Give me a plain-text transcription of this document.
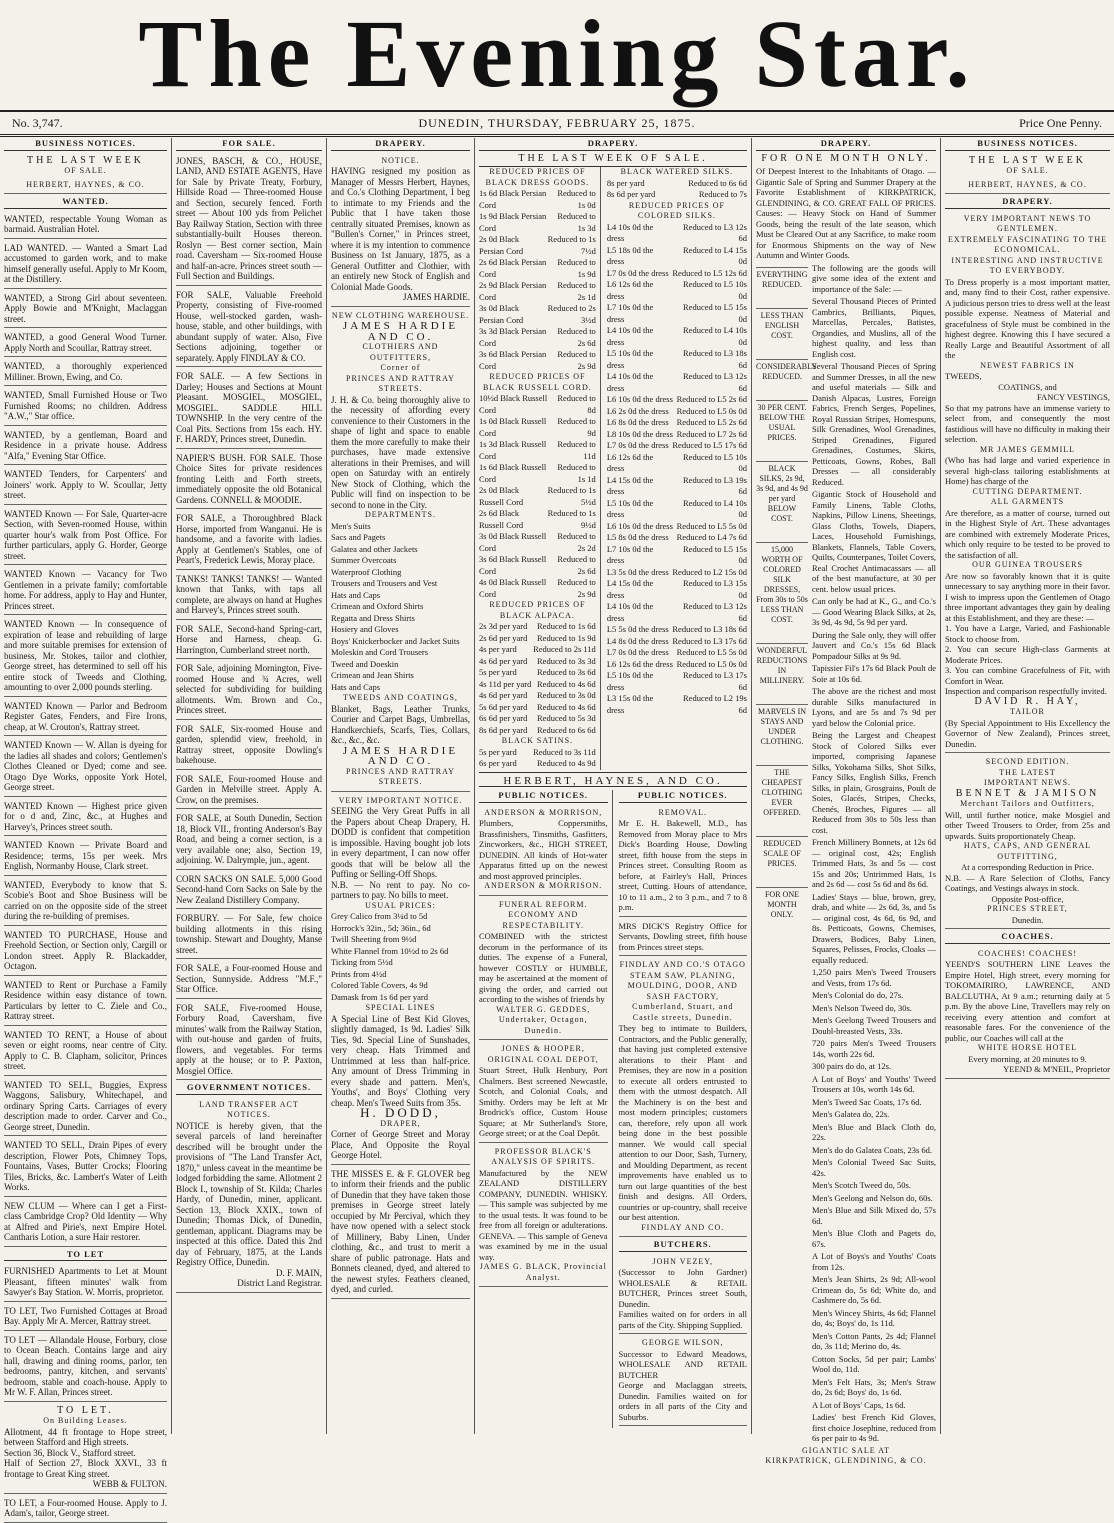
The Evening Star.
No. 3,747.	DUNEDIN, THURSDAY, FEBRUARY 25, 1875.	Price One Penny.
BUSINESS NOTICES.
THE LAST WEEK
OF SALE.
HERBERT, HAYNES, & CO.
WANTED.

WANTED, respectable Young Woman as barmaid. Australian Hotel.

LAD WANTED. — Wanted a Smart Lad accustomed to garden work, and to make himself generally useful. Apply to Mr Koom, at the Distillery.

WANTED, a Strong Girl about seventeen. Apply Bowie and M'Knight, Maclaggan street.

WANTED, a good General Wood Turner. Apply North and Scoullar, Rattray street.

WANTED, a thoroughly experienced Milliner. Brown, Ewing, and Co.

WANTED, Small Furnished House or Two Furnished Rooms; no children. Address "A.W.," Star office.

WANTED, by a gentleman, Board and Residence in a private house. Address "Alfa," Evening Star Office.

WANTED Tenders, for Carpenters' and Joiners' work. Apply to W. Scoullar, Jetty street.

WANTED Known — For Sale, Quarter-acre Section, with Seven-roomed House, within quarter hour's walk from Post Office. For further particulars, apply G. Horder, George street.

WANTED Known — Vacancy for Two Gentlemen in a private family; comfortable home. For address, apply to Hay and Hunter, Princes street.

WANTED Known — In consequence of expiration of lease and rebuilding of large and more suitable premises for extension of business, Mr. Stokes, tailor and clothier, George street, has determined to sell off his entire stock of Tweeds and Clothing, amounting to over 2,000 pounds sterling.

WANTED Known — Parlor and Bedroom Register Gates, Fenders, and Fire Irons, cheap, at W. Crouton's, Rattray street.

WANTED Known — W. Allan is dyeing for the ladies all shades and colors; Gentlemen's Clothes Cleaned or Dyed; come and see. Otago Dye Works, opposite York Hotel, George street.

WANTED Known — Highest price given for o d and, Zinc, &c., at Hughes and Harvey's, Princes street south.

WANTED Known — Private Board and Residence; terms, 15s per week. Mrs English, Normanby House, Clark street.

WANTED, Everybody to know that S. Scobie's Boot and Shoe Business will be carried on on the opposite side of the street during the re-building of premises.

WANTED TO PURCHASE, House and Freehold Section, or Section only, Cargill or London street. Apply R. Blackadder, Octagon.

WANTED to Rent or Purchase a Family Residence within easy distance of town. Particulars by letter to C. Ziele and Co., Rattray street.

WANTED TO RENT, a House of about seven or eight rooms, near centre of City. Apply to C. B. Clapham, solicitor, Princes street.

WANTED TO SELL, Buggies, Express Waggons, Salisbury, Whitechapel, and ordinary Spring Carts. Carriages of every description made to order. Carver and Co., George street, Dunedin.

WANTED TO SELL, Drain Pipes of every description, Flower Pots, Chimney Tops, Fountains, Vases, Butter Crocks; Flooring Tiles, Bricks, &c. Lambert's Water of Leith Works.

NEW CLUM — Where can I get a First-class Cambridge Crop? Old Identity — Why at Alfred and Pirie's, next Empire Hotel. Cantharis Lotion, a sure Hair restorer.

TO LET

FURNISHED Apartments to Let at Mount Pleasant, fifteen minutes' walk from Sawyer's Bay Station. W. Morris, proprietor.

TO LET, Two Furnished Cottages at Broad Bay. Apply Mr A. Mercer, Rattray street.

TO LET — Allandale House, Forbury, close to Ocean Beach. Contains large and airy hall, drawing and dining rooms, parlor, ten bedrooms, pantry, kitchen, and servants' bedroom, stable and coach-house. Apply to Mr W. F. Allan, Princes street.

TO LET.
On Building Leases.

Allotment, 44 ft frontage to Hope street, between Stafford and High streets.

Section 36, Block V., Stafford street.

Half of Section 27, Block XXVI., 33 ft frontage to Great King street.

WEBB & FULTON.

TO LET, a Four-roomed House. Apply to J. Adam's, tailor, George street.

FOR SALE.

JONES, BASCH, & CO., HOUSE, LAND, AND ESTATE AGENTS, Have for Sale by Private Treaty, Forbury, Hillside Road — Three-roomed House and Section, securely fenced. Forth street — About 100 yds from Pelichet Bay Railway Station, Section with three substantially-built Houses thereon. Roslyn — Best corner section, Main road. Caversham — Six-roomed House and half-an-acre. Princes street south — Full Section and Buildings.

FOR SALE, Valuable Freehold Property, consisting of Five-roomed House, well-stocked garden, wash-house, stable, and other buildings, with abundant supply of water. Also, Five Sections adjoining, together or separately. Apply FINDLAY & CO.

FOR SALE. — A few Sections in Darley; Houses and Sections at Mount Pleasant. MOSGIEL, MOSGIEL, MOSGIEL. SADDLE HILL TOWNSHIP. In the very centre of the Coal Pits. Sections from 15s each. HY. F. HARDY, Princes street, Dunedin.

NAPIER'S BUSH. FOR SALE. Those Choice Sites for private residences fronting Leith and Forth streets, immediately opposite the old Botanical Gardens. CONNELL & MOODIE.

FOR SALE, a Thoroughbred Black Horse, imported from Wanganui. He is handsome, and a favorite with ladies. Apply at Gentlemen's Stables, one of Peart's, Frederick Lewis, Moray place.

TANKS! TANKS! TANKS! — Wanted known that Tanks, with taps all complete, are always on hand at Hughes and Harvey's, Princes street south.

FOR SALE, Second-hand Spring-cart, Horse and Harness, cheap. G. Harrington, Cumberland street north.

FOR Sale, adjoining Mornington, Five-roomed House and ¾ Acres, well selected for subdividing for building allotments. Wm. Brown and Co., Princes street.

FOR SALE, Six-roomed House and garden, splendid view, freehold, in Rattray street, opposite Dowling's bakehouse.

FOR SALE, Four-roomed House and Garden in Melville street. Apply A. Crow, on the premises.

FOR SALE, at South Dunedin, Section 18, Block VII., fronting Anderson's Bay Road, and being a corner section, is a very available one; also, Section 19, adjoining. W. Dalrymple, jun., agent.

CORN SACKS ON SALE. 5,000 Good Second-hand Corn Sacks on Sale by the New Zealand Distillery Company.

FORBURY. — For Sale, few choice building allotments in this rising township. Stewart and Doughty, Manse street.

FOR SALE, a Four-roomed House and Section, Sunnyside. Address "M.F.," Star Office.

FOR SALE, Five-roomed House, Forbury Road, Caversham, five minutes' walk from the Railway Station, with out-house and garden of fruits, flowers, and vegetables. For terms apply at the house; or to P. Paxton, Mosgiel Office.

GOVERNMENT NOTICES.
LAND TRANSFER ACT NOTICES.

NOTICE is hereby given, that the several parcels of land hereinafter described will be brought under the provisions of "The Land Transfer Act, 1870," unless caveat in the meantime be lodged forbidding the same. Allotment 2 Block I., township of St. Kilda; Charles Hardy, of Dunedin, miner, applicant. Section 13, Block XXIX., town of Dunedin; Thomas Dick, of Dunedin, gentleman, applicant. Diagrams may be inspected at this office. Dated this 2nd day of February, 1875, at the Lands Registry Office, Dunedin.

D. F. MAIN,
District Land Registrar.
DRAPERY.
NOTICE.

HAVING resigned my position as Manager of Messrs Herbert, Haynes, and Co.'s Clothing Department, I beg to intimate to my Friends and the Public that I have taken those centrally situated Premises, known as "Bullen's Corner," in Princes street, where it is my intention to commence Business on 1st January, 1875, as a General Outfitter and Clothier, with an entirely new Stock of English and Colonial Made Goods.

JAMES HARDIE.
NEW CLOTHING WAREHOUSE.
JAMES HARDIE AND CO.
CLOTHIERS AND OUTFITTERS,
Corner of
PRINCES AND RATTRAY STREETS.

J. H. & Co. being thoroughly alive to the necessity of affording every convenience to their Customers in the shape of light and space to enable them the more carefully to make their purchases, have made extensive alterations in their Premises, and will open on Saturday with an entirely New Stock of Clothing, which the Public will find on inspection to be second to none in the City.

DEPARTMENTS.
Men's Suits
Sacs and Pagets
Galatea and other Jackets
Summer Overcoats
Waterproof Clothing
Trousers and Trousers and Vest
Hats and Caps
Crimean and Oxford Shirts
Regatta and Dress Shirts
Hosiery and Gloves
Boys' Knickerbocker and Jacket Suits
Moleskin and Cord Trousers
Tweed and Doeskin
Crimean and Jean Shirts
Hats and Caps
TWEEDS AND COATINGS,

Blanket, Bags, Leather Trunks, Courier and Carpet Bags, Umbrellas, Handkerchiefs, Scarfs, Ties, Collars, &c., &c., &c.

JAMES HARDIE AND CO.
PRINCES AND RATTRAY STREETS.
VERY IMPORTANT NOTICE.

SEEING the Very Great Puffs in all the Papers about Cheap Drapery, H. DODD is confident that competition is impossible. Having bought job lots in every department, I can now offer goods that will be below all the Puffing or Selling-Off Shops.

N.B. — No rent to pay. No co-partners to pay. No bills to meet.

USUAL PRICES:
Grey Calico from 3¼d to 5d
Horrock's 32in., 5d; 36in., 6d
Twill Sheeting from 9½d
White Flannel from 10½d to 2s 6d
Ticking from 5½d
Prints from 4½d
Colored Table Covers, 4s 9d
Damask from 1s 6d per yard
SPECIAL LINES

A Special Line of Best Kid Gloves, slightly damaged, 1s 9d. Ladies' Silk Ties, 9d. Special Line of Sunshades, very cheap. Hats Trimmed and Untrimmed at less than half-price. Any amount of Dress Trimming in every shade and pattern. Men's, Youths', and Boys' Clothing very cheap. Men's Tweed Suits from 35s.

H. DODD,
DRAPER,

Corner of George Street and Moray Place, And Opposite the Royal George Hotel.

THE MISSES E. & F. GLOVER beg to inform their friends and the public of Dunedin that they have taken those premises in George street lately occupied by Mr Percival, which they have now opened with a select stock of Millinery, Baby Linen, Under clothing, &c., and trust to merit a share of public patronage. Hats and Bonnets cleaned, dyed, and altered to the newest styles. Feathers cleaned, dyed, and curled.

DRAPERY.
THE LAST WEEK OF SALE.
REDUCED PRICES OF BLACK DRESS GOODS.
1s 6d Black Persian Cord
Reduced to 1s 0d
1s 9d Black Persian Cord
Reduced to 1s 3d
2s 0d Black Persian Cord
Reduced to 1s 7½d
2s 6d Black Persian Cord
Reduced to 1s 9d
2s 9d Black Persian Cord
Reduced to 2s 1d
3s 0d Black Persian Cord
Reduced to 2s 3½d
3s 3d Black Persian Cord
Reduced to 2s 6d
3s 6d Black Persian Cord
Reduced to 2s 9d
REDUCED PRICES OF BLACK RUSSELL CORD.
10½d Black Russell Cord
Reduced to 8d
1s 0d Black Russell Cord
Reduced to 9d
1s 3d Black Russell Cord
Reduced to 11d
1s 6d Black Russell Cord
Reduced to 1s 1d
2s 0d Black Russell Cord
Reduced to 1s 5½d
2s 6d Black Russell Cord
Reduced to 1s 9½d
3s 0d Black Russell Cord
Reduced to 2s 2d
3s 6d Black Russell Cord
Reduced to 2s 6d
4s 0d Black Russell Cord
Reduced to 2s 9d
REDUCED PRICES OF BLACK ALPACA.
2s 3d per yard Reduced to 1s 6d
2s 6d per yard Reduced to 1s 9d
4s per yard Reduced to 2s 11d
4s 6d per yard Reduced to 3s 3d
5s per yard Reduced to 3s 6d
4s 11d per yard Reduced to 4s 6d
4s 6d per yard Reduced to 3s 0d
5s 6d per yard Reduced to 4s 6d
6s 6d per yard Reduced to 5s 3d
8s 6d per yard Reduced to 6s 6d
BLACK SATINS.
5s per yard Reduced to 3s 11d
6s per yard Reduced to 4s 9d
BLACK WATERED SILKS.
8s per yard	Reduced to 6s 6d
8s 6d per yard	Reduced to 7s
REDUCED PRICES OF COLORED SILKS.
L4 10s 0d the dress
Reduced to L3 12s 6d
L5 18s 0d the dress
Reduced to L4 15s 0d
L7 0s 0d the dress Reduced to L5 12s 6d
L6 12s 6d the dress
Reduced to L5 10s 0d
L7 10s 0d the dress
Reduced to L5 15s 0d
L4 10s 0d the dress
Reduced to L4 10s 0d
L5 10s 0d the dress
Reduced to L3 18s 6d
L4 10s 0d the dress
Reduced to L3 12s 6d
L6 10s 0d the dress Reduced to L5 2s 6d
L6 2s 0d the dress Reduced to L5 0s 0d
L6 8s 0d the dress Reduced to L5 2s 6d
L8 10s 0d the dress Reduced to L7 2s 6d
L7 0s 0d the dress Reduced to L5 17s 6d
L6 12s 6d the dress
Reduced to L5 10s 0d
L4 15s 0d the dress
Reduced to L3 19s 6d
L5 10s 0d the dress
Reduced to L4 10s 0d
L6 10s 0d the dress Reduced to L5 5s 0d
L5 8s 0d the dress Reduced to L4 7s 6d
L7 10s 0d the dress
Reduced to L5 15s 0d
L3 5s 0d the dress Reduced to L2 15s 0d
L4 15s 0d the dress
Reduced to L3 15s 0d
L4 10s 0d the dress
Reduced to L3 12s 6d
L5 5s 0d the dress Reduced to L3 18s 6d
L4 8s 0d the dress Reduced to L3 17s 6d
L7 0s 0d the dress Reduced to L5 5s 0d
L6 12s 6d the dress Reduced to L5 0s 0d
L5 10s 0d the dress
Reduced to L3 17s 6d
L3 15s 0d the dress
Reduced to L2 19s 6d
HERBERT, HAYNES, AND CO.
PUBLIC NOTICES.
ANDERSON & MORRISON,

Plumbers, Coppersmiths, Brassfinishers, Tinsmiths, Gasfitters, Zincworkers, &c., HIGH STREET, DUNEDIN. All kinds of Hot-water Apparatus fitted up on the newest and most approved principles.

ANDERSON & MORRISON.
FUNERAL REFORM.
ECONOMY AND RESPECTABILITY.

COMBINED with the strictest decorum in the performance of its duties. The expense of a Funeral, however COSTLY or HUMBLE, may be ascertained at the moment of giving the order, and carried out according to the wishes of friends by

WALTER G. GEDDES, Undertaker, Octagon, Dunedin.
JONES & HOOPER,
ORIGINAL COAL DEPOT,

Stuart Street, Hulk Henbury, Port Chalmers. Best screened Newcastle, Scotch, and Colonial Coals, and Smithy. Orders may be left at Mr Brodrick's office, Custom House Square; at Mr Sutherland's Store, George street; or at the Coal Depôt.

PROFESSOR BLACK'S ANALYSIS OF SPIRITS.

Manufactured by the NEW ZEALAND DISTILLERY COMPANY, DUNEDIN. WHISKY. — This sample was subjected by me to the usual tests. It was found to be free from all foreign or adulterations. GENEVA. — This sample of Geneva was examined by me in the usual way.

JAMES G. BLACK, Provincial Analyst.
PUBLIC NOTICES.
REMOVAL.

Mr E. H. Bakewell, M.D., has Removed from Moray place to Mrs Dick's Boarding House, Dowling street, fifth house from the steps in Princes street. Consulting Room as before, at Fairley's Hall, Princes street, Cutting. Hours of attendance, 10 to 11 a.m., 2 to 3 p.m., and 7 to 8 p.m.

MRS DICK'S Registry Office for Servants, Dowling street, fifth house from Princes street steps.

FINDLAY AND CO.'S OTAGO STEAM SAW, PLANING, MOULDING, DOOR, AND SASH FACTORY,
Cumberland, Stuart, and Castle streets, Dunedin.

They beg to intimate to Builders, Contractors, and the Public generally, that having just completed extensive alterations to their Plant and Premises, they are now in a position to execute all orders entrusted to them with the utmost despatch. All the Machinery is on the best and most modern principles; customers can, therefore, rely upon all work being done in the best possible manner. We would call special attention to our Door, Sash, Turnery, and Moulding Department, as recent improvements have enabled us to turn out large quantities of the best finish and designs. All Orders, countries or up-country, shall receive our best attention.

FINDLAY AND CO.
BUTCHERS.
JOHN VEZEY,

(Successor to John Gardner) WHOLESALE & RETAIL BUTCHER, Princes street South, Dunedin.

Families waited on for orders in all parts of the City. Shipping Supplied.

GEORGE WILSON,

Successor to Edward Meadows, WHOLESALE AND RETAIL BUTCHER

George and Maclaggan streets, Dunedin. Families waited on for orders in all parts of the City and Suburbs.

DRAPERY.
FOR ONE MONTH ONLY.

Of Deepest Interest to the Inhabitants of Otago. — Gigantic Sale of Spring and Summer Drapery at the Favorite Establishment of KIRKPATRICK, GLENDINING, & CO. GREAT FALL OF PRICES. Causes: — Heavy Stock on Hand of Summer Goods, being the result of the late season, which Must be Cleared Out at any Sacrifice, to make room for Enormous Shipments on the way of New Autumn and Winter Goods.

EVERYTHING REDUCED.
LESS THAN ENGLISH COST.
CONSIDERABLY REDUCED.
30 PER CENT. BELOW THE USUAL PRICES.
BLACK SILKS, 2s 9d, 3s 9d, and 4s 9d per yard BELOW COST.
15,000 WORTH OF COLORED SILK DRESSES, From 30s to 50s LESS THAN COST.
WONDERFUL REDUCTIONS IN MILLINERY.
MARVELS IN STAYS AND UNDER CLOTHING.
THE CHEAPEST CLOTHING EVER OFFERED.
REDUCED SCALE OF PRICES.
FOR ONE MONTH ONLY.

The following are the goods will give some idea of the extent and importance of the Sale: —

Several Thousand Pieces of Printed Cambrics, Brilliants, Piques, Marcellas, Percales, Batistes, Organdies, and Muslins, all of the highest quality, and less than English cost.

Several Thousand Pieces of Spring and Summer Dresses, in all the new and useful materials — Silk and Danish Alpacas, Lustres, Foreign Fabrics, French Serges, Popelines, Royal Russian Stripes, Homespuns, Silk Grenadines, Wool Grenadines, Striped Grenadines, Figured Grenadines, Costumes, Skirts, Petticoats, Gowns, Robes, Ball Dresses — all considerably Reduced.

Gigantic Stock of Household and Family Linens, Table Cloths, Napkins, Pillow Linens, Sheetings, Glass Cloths, Towels, Diapers, Laces, Household Furnishings, Blankets, Flannels, Table Covers, Quilts, Counterpanes, Toilet Covers, Real Crochet Antimacassars — all of the best manufacture, at 30 per cent. below usual prices.

Can only be had at K., G., and Co.'s — Good Wearing Black Silks, at 2s, 3s 9d, 4s 9d, 5s 9d per yard.

During the Sale only, they will offer Jauvert and Co.'s 15s 6d Black Pompadour Silks at 9s 9d.

Tapissier Fil's 17s 6d Black Poult de Soie at 10s 6d.

The above are the richest and most durable Silks manufactured in Lyons, and are 5s and 7s 9d per yard below the Colonial price.

Being the Largest and Cheapest Stock of Colored Silks ever imported, comprising Japanese Silks, Yokohama Silks, Shot Silks, Fancy Silks, English Silks, French Silks, in plain, Grosgrains, Poult de Soies, Glacés, Stripes, Checks, Chenés, Broches, Figures — all Reduced from 30s to 50s less than cost.

French Millinery Bonnets, at 12s 6d — original cost, 42s; English Trimmed Hats, 3s and 5s — cost 15s and 20s; Untrimmed Hats, 1s and 2s 6d — cost 5s 6d and 8s 6d.

Ladies' Stays — blue, brown, grey, drab, and white — 2s 6d, 3s, and 5s — original cost, 4s 6d, 6s 9d, and 8s. Petticoats, Gowns, Chemises, Drawers, Bodices, Baby Linen, Squares, Pelisses, Frocks, Cloaks — equally reduced.

1,250 pairs Men's Tweed Trousers and Vests, from 17s 6d.

Men's Colonial do do, 27s.

Men's Nelson Tweed do, 30s.

Men's Geelong Tweed Trousers and Doubl-breasted Vests, 33s.

720 pairs Men's Tweed Trousers 14s, worth 22s 6d.

300 pairs do do, at 12s.

A Lot of Boys' and Youths' Tweed Trousers at 10s, worth 14s 6d.

Men's Tweed Sac Coats, 17s 6d.

Men's Galatea do, 22s.

Men's Blue and Black Cloth do, 22s.

Men's do do Galatea Coats, 23s 6d.

Men's Colonial Tweed Sac Suits, 42s.

Men's Scotch Tweed do, 50s.

Men's Geelong and Nelson do, 60s.

Men's Blue and Silk Mixed do, 57s 6d.

Men's Blue Cloth and Pagets do, 67s.

A Lot of Boys's and Youths' Coats from 12s.

Men's Jean Shirts, 2s 9d; All-wool Crimean do, 5s 6d; White do, and Cashmere do, 5s 6d.

Men's Wincey Shirts, 4s 6d; Flannel do, 4s; Boys' do, 1s 11d.

Men's Cotton Pants, 2s 4d; Flannel do, 3s 11d; Merino do, 4s.

Cotton Socks, 5d per pair; Lambs' Wool do, 11d.

Men's Felt Hats, 3s; Men's Straw do, 2s 6d; Boys' do, 1s 6d.

A Lot of Boys' Caps, 1s 6d.

Ladies' best French Kid Gloves, first choice Josephine, reduced from 6s per pair to 4s 9d.

GIGANTIC SALE AT
KIRKPATRICK, GLENDINING, & CO.
BUSINESS NOTICES.
THE LAST WEEK
OF SALE.
HERBERT, HAYNES, & CO.
DRAPERY.
VERY IMPORTANT NEWS TO GENTLEMEN.
EXTREMELY FASCINATING TO THE ECONOMICAL.
INTERESTING AND INSTRUCTIVE TO EVERYBODY.

To Dress properly is a most important matter, and, many find to their Cost, rather expensive. A judicious person tries to dress well at the least possible expense. Neatness of Material and gracefulness of Style must be combined in the highest degree. Knowing this I have secured a Really Large and Beautiful Assortment of all the

NEWEST FABRICS IN
TWEEDS,
COATINGS, and
FANCY VESTINGS,

So that my patrons have an immense variety to select from, and consequently the most fastidious will have no difficulty in making their selection.

MR JAMES GEMMILL

(Who has had large and varied experience in several high-class tailoring establishments at Home) has charge of the

CUTTING DEPARTMENT.
ALL GARMENTS

Are therefore, as a matter of course, turned out in the Highest Style of Art. These advantages are combined with extremely Moderate Prices, which only require to be tested to be proved to the satisfaction of all.

OUR GUINEA TROUSERS

Are now so favorably known that it is quite unnecessary to say anything more in their favor. I wish to impress upon the Gentlemen of Otago three important advantages they gain by dealing at this Establishment, and they are these: —

1. You have a Large, Varied, and Fashionable Stock to choose from.

2. You can secure High-class Garments at Moderate Prices.

3. You can combine Gracefulness of Fit, with Comfort in Wear.

Inspection and comparison respectfully invited.

DAVID R. HAY,
TAILOR

(By Special Appointment to His Excellency the Governor of New Zealand), Princes street, Dunedin.

SECOND EDITION.
THE LATEST
IMPORTANT NEWS.
BENNET & JAMISON
Merchant Tailors and Outfitters,

Will, until further notice, make Mosgiel and other Tweed Trousers to Order, from 25s and upwards. Suits proportionately Cheap.

HATS, CAPS, AND GENERAL OUTFITTING,
At a corresponding Reduction in Price.

N.B. — A Rare Selection of Cloths, Fancy Coatings, and Vestings always in stock.

Opposite Post-office,
PRINCES STREET,
Dunedin.
COACHES.
COACHES! COACHES!

YEEND'S SOUTHERN LINE Leaves the Empire Hotel, High street, every morning for TOKOMAIRIRO, LAWRENCE, AND BALCLUTHA, At 9 a.m.; returning daily at 5 p.m. By the above Line, Travellers may rely on receiving every attention and comfort at reasonable fares. For the convenience of the public, our Coaches will call at the

WHITE HORSE HOTEL
Every morning, at 20 minutes to 9.
YEEND & M'NEIL, Proprietor
